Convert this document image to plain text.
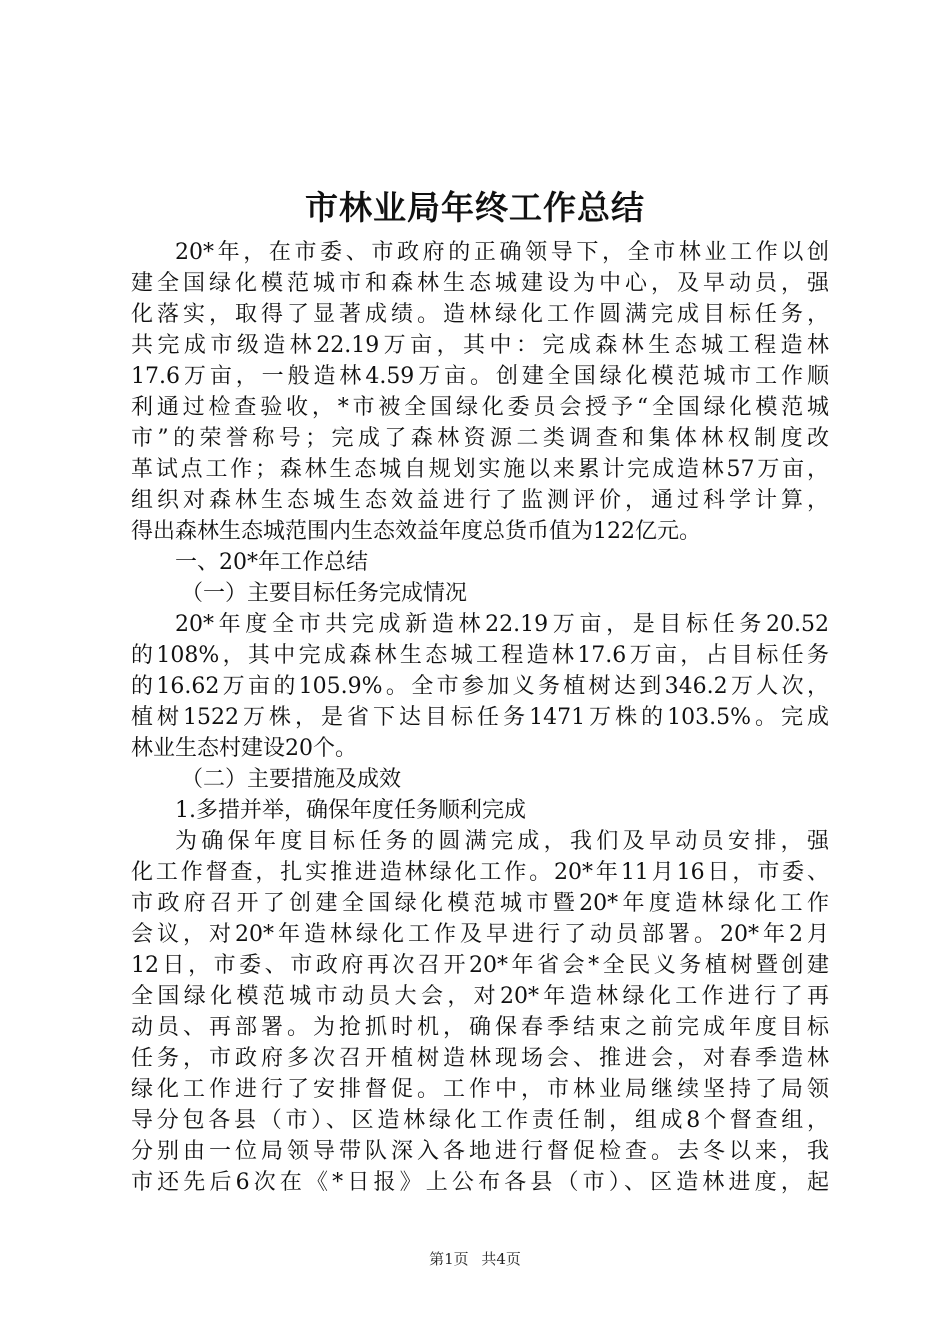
市林业局年终工作总结
20*年，在市委、市政府的正确领导下，全市林业工作以创
建全国绿化模范城市和森林生态城建设为中心，及早动员，强
化落实，取得了显著成绩。造林绿化工作圆满完成目标任务，
共完成市级造林22.19万亩，其中：完成森林生态城工程造林
17.6万亩，一般造林4.59万亩。创建全国绿化模范城市工作顺
利通过检查验收，*市被全国绿化委员会授予“全国绿化模范城
市”的荣誉称号；完成了森林资源二类调查和集体林权制度改
革试点工作；森林生态城自规划实施以来累计完成造林57万亩，
组织对森林生态城生态效益进行了监测评价，通过科学计算，
得出森林生态城范围内生态效益年度总货币值为122亿元。
一、20*年工作总结
（一）主要目标任务完成情况
20*年度全市共完成新造林22.19万亩，是目标任务20.52
的108%，其中完成森林生态城工程造林17.6万亩，占目标任务
的16.62万亩的105.9%。全市参加义务植树达到346.2万人次，
植树1522万株，是省下达目标任务1471万株的103.5%。完成
林业生态村建设20个。
（二）主要措施及成效
1.多措并举，确保年度任务顺利完成
为确保年度目标任务的圆满完成，我们及早动员安排，强
化工作督查，扎实推进造林绿化工作。20*年11月16日，市委、
市政府召开了创建全国绿化模范城市暨20*年度造林绿化工作
会议，对20*年造林绿化工作及早进行了动员部署。20*年2月
12日，市委、市政府再次召开20*年省会*全民义务植树暨创建
全国绿化模范城市动员大会，对20*年造林绿化工作进行了再
动员、再部署。为抢抓时机，确保春季结束之前完成年度目标
任务，市政府多次召开植树造林现场会、推进会，对春季造林
绿化工作进行了安排督促。工作中，市林业局继续坚持了局领
导分包各县（市）、区造林绿化工作责任制，组成8个督查组，
分别由一位局领导带队深入各地进行督促检查。去冬以来，我
市还先后6次在《*日报》上公布各县（市）、区造林进度，起
第1页 共4页
